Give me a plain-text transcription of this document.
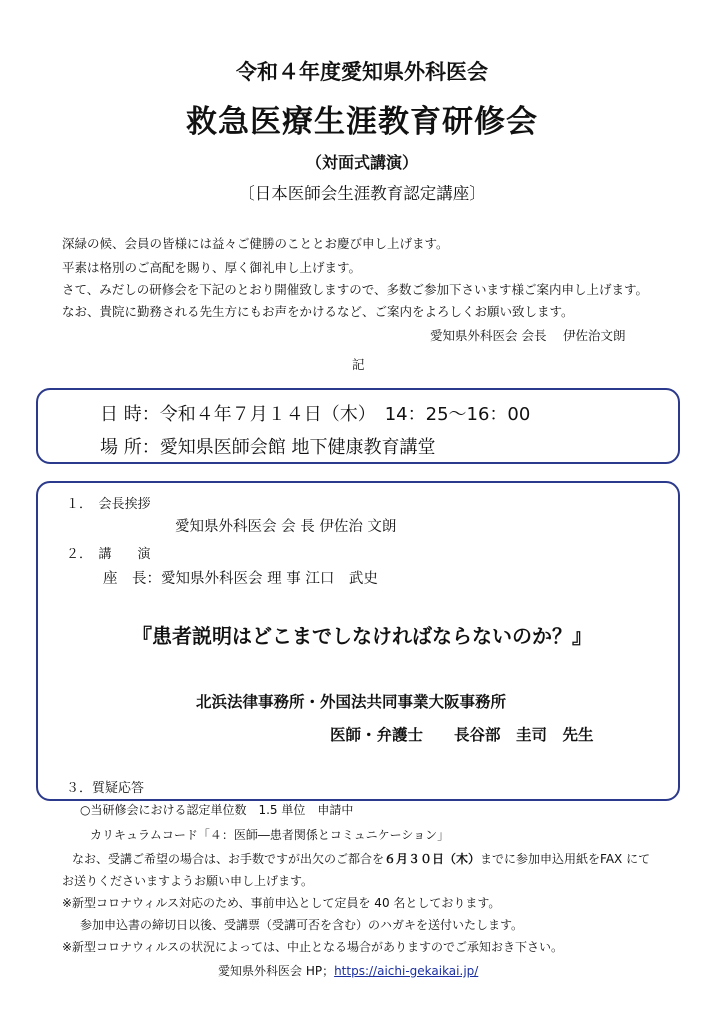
令和４年度愛知県外科医会
救急医療生涯教育研修会
（対面式講演）
〔日本医師会生涯教育認定講座〕
深緑の候、会員の皆様には益々ご健勝のこととお慶び申し上げます。
平素は格別のご高配を賜り、厚く御礼申し上げます。
さて、みだしの研修会を下記のとおり開催致しますので、多数ご参加下さいます様ご案内申し上げます。
なお、貴院に勤務される先生方にもお声をかけるなど、ご案内をよろしくお願い致します。
愛知県外科医会 会長　 伊佐治文朗
記
日 時：令和４年７月１４日（木）　14：25～16：00
場 所：愛知県医師会館 地下健康教育講堂
１．　会長挨拶
愛知県外科医会 会 長 伊佐治 文朗
２．　講　　演
座　長：愛知県外科医会 理 事 江口　武史
『患者説明はどこまでしなければならないのか？』
北浜法律事務所・外国法共同事業大阪事務所
医師・弁護士　　長谷部　圭司　先生
３．質疑応答
○当研修会における認定単位数　1.5 単位　申請中
カリキュラムコード「４：医師―患者関係とコミュニケーション」
なお、受講ご希望の場合は、お手数ですが出欠のご都合を６月３０日（木）までに参加申込用紙をFAX にて
お送りくださいますようお願い申し上げます。
※新型コロナウィルス対応のため、事前申込として定員を 40 名としております。
参加申込書の締切日以後、受講票（受講可否を含む）のハガキを送付いたします。
※新型コロナウィルスの状況によっては、中止となる場合がありますのでご承知おき下さい。
愛知県外科医会 HP；https://aichi-gekaikai.jp/
